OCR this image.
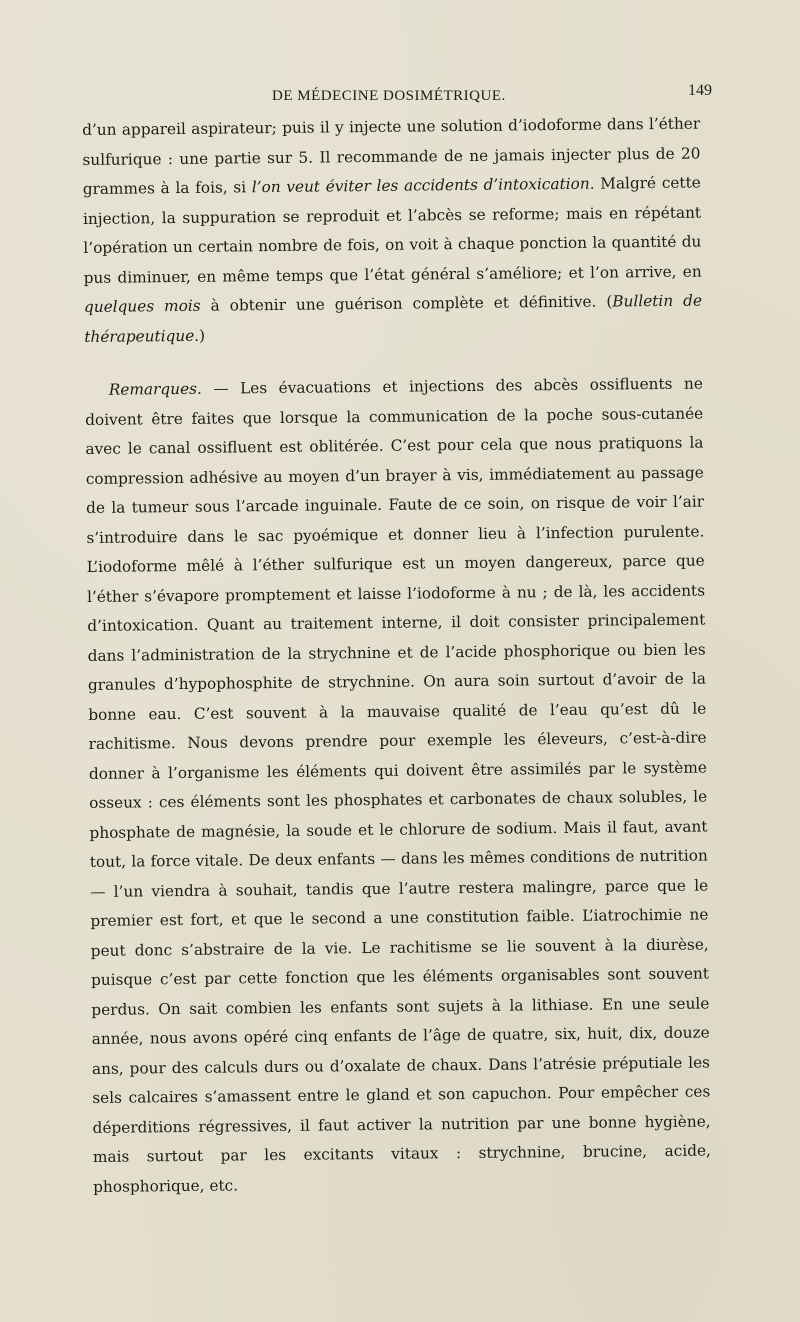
DE MÉDECINE DOSIMÉTRIQUE.	149

d’un appareil aspirateur; puis il y injecte une solution d’iodoforme dans l’éther sulfurique : une partie sur 5. Il recommande de ne jamais injecter plus de 20 grammes à la fois, si l’on veut éviter les accidents d’intoxication. Malgré cette injection, la suppuration se reproduit et l’abcès se reforme; mais en répétant l’opération un certain nombre de fois, on voit à chaque ponction la quantité du pus diminuer, en même temps que l’état général s’améliore; et l’on arrive, en quelques mois à obtenir une guérison complète et définitive. (Bulletin de thérapeutique.)

Remarques. — Les évacuations et injections des abcès ossifluents ne doivent être faites que lorsque la communication de la poche sous-cutanée avec le canal ossifluent est oblitérée. C’est pour cela que nous pratiquons la compression adhésive au moyen d’un brayer à vis, immédiatement au passage de la tumeur sous l’arcade inguinale. Faute de ce soin, on risque de voir l’air s’introduire dans le sac pyoémique et donner lieu à l’infection purulente. L’iodoforme mêlé à l’éther sulfurique est un moyen dangereux, parce que l’éther s’évapore promptement et laisse l’iodoforme à nu ; de là, les accidents d’intoxication. Quant au traitement interne, il doit consister principalement dans l’administration de la strychnine et de l’acide phosphorique ou bien les granules d’hypophosphite de strychnine. On aura soin surtout d’avoir de la bonne eau. C’est souvent à la mauvaise qualité de l’eau qu’est dû le rachitisme. Nous devons prendre pour exemple les éleveurs, c’est-à-dire donner à l’organisme les éléments qui doivent être assimilés par le système osseux : ces éléments sont les phosphates et carbonates de chaux solubles, le phosphate de magnésie, la soude et le chlorure de sodium. Mais il faut, avant tout, la force vitale. De deux enfants — dans les mêmes conditions de nutrition — l’un viendra à souhait, tandis que l’autre restera malingre, parce que le premier est fort, et que le second a une constitution faible. L’iatrochimie ne peut donc s’abstraire de la vie. Le rachitisme se lie souvent à la diurèse, puisque c’est par cette fonction que les éléments organisables sont souvent perdus. On sait combien les enfants sont sujets à la lithiase. En une seule année, nous avons opéré cinq enfants de l’âge de quatre, six, huit, dix, douze ans, pour des calculs durs ou d’oxalate de chaux. Dans l’atrésie préputiale les sels calcaires s’amassent entre le gland et son capuchon. Pour empêcher ces déperditions régressives, il faut activer la nutrition par une bonne hygiène, mais surtout par les excitants vitaux : strychnine, brucine, acide, phosphorique, etc.
